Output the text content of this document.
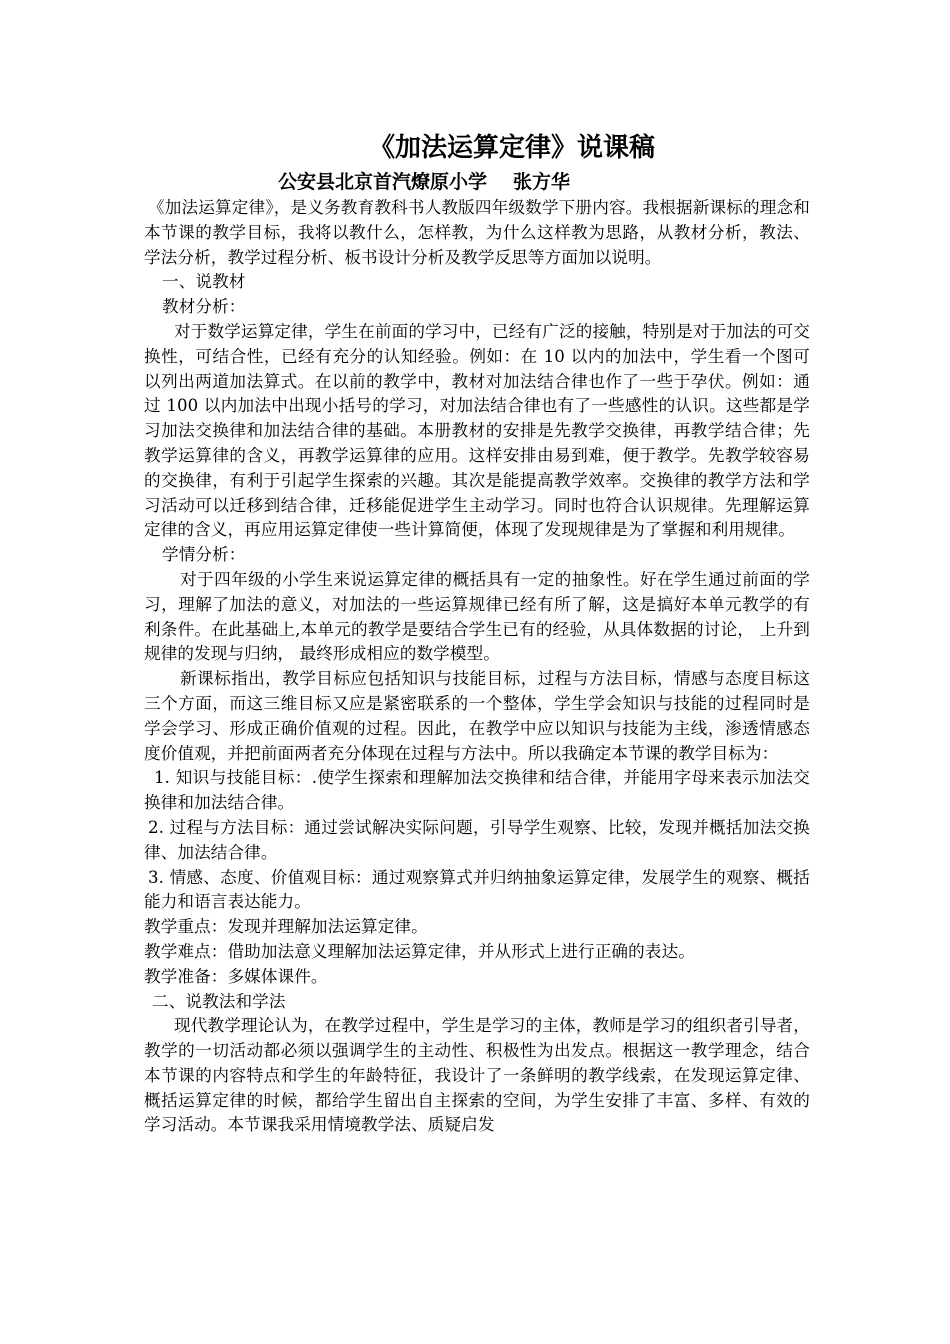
《加法运算定律》说课稿
公安县北京首汽燎原小学 张方华

《加法运算定律》，是义务教育教科书人教版四年级数学下册内容。我根据新课标的理念和本节课的教学目标，我将以教什么，怎样教，为什么这样教为思路，从教材分析，教法、学法分析，教学过程分析、板书设计分析及教学反思等方面加以说明。

一、说教材

教材分析：

对于数学运算定律，学生在前面的学习中，已经有广泛的接触，特别是对于加法的可交换性，可结合性，已经有充分的认知经验。例如：在 10 以内的加法中，学生看一个图可以列出两道加法算式。在以前的教学中，教材对加法结合律也作了一些于孕伏。例如：通过 100 以内加法中出现小括号的学习，对加法结合律也有了一些感性的认识。这些都是学习加法交换律和加法结合律的基础。本册教材的安排是先教学交换律，再教学结合律；先教学运算律的含义，再教学运算律的应用。这样安排由易到难，便于教学。先教学较容易的交换律，有利于引起学生探索的兴趣。其次是能提高教学效率。交换律的教学方法和学习活动可以迁移到结合律，迁移能促进学生主动学习。同时也符合认识规律。先理解运算定律的含义，再应用运算定律使一些计算简便，体现了发现规律是为了掌握和利用规律。

学情分析：

对于四年级的小学生来说运算定律的概括具有一定的抽象性。好在学生通过前面的学习，理解了加法的意义，对加法的一些运算规律已经有所了解，这是搞好本单元教学的有利条件。在此基础上,本单元的教学是要结合学生已有的经验，从具体数据的讨论， 上升到规律的发现与归纳， 最终形成相应的数学模型。

新课标指出，教学目标应包括知识与技能目标，过程与方法目标，情感与态度目标这三个方面，而这三维目标又应是紧密联系的一个整体，学生学会知识与技能的过程同时是学会学习、形成正确价值观的过程。因此，在教学中应以知识与技能为主线，渗透情感态度价值观，并把前面两者充分体现在过程与方法中。所以我确定本节课的教学目标为：

1. 知识与技能目标：.使学生探索和理解加法交换律和结合律，并能用字母来表示加法交换律和加法结合律。

2. 过程与方法目标：通过尝试解决实际问题，引导学生观察、比较，发现并概括加法交换律、加法结合律。

3. 情感、态度、价值观目标：通过观察算式并归纳抽象运算定律，发展学生的观察、概括能力和语言表达能力。

教学重点：发现并理解加法运算定律。

教学难点：借助加法意义理解加法运算定律，并从形式上进行正确的表达。

教学准备：多媒体课件。

二、说教法和学法

现代教学理论认为，在教学过程中，学生是学习的主体，教师是学习的组织者引导者，教学的一切活动都必须以强调学生的主动性、积极性为出发点。根据这一教学理念，结合本节课的内容特点和学生的年龄特征，我设计了一条鲜明的教学线索，在发现运算定律、概括运算定律的时候，都给学生留出自主探索的空间，为学生安排了丰富、多样、有效的学习活动。本节课我采用情境教学法、质疑启发
